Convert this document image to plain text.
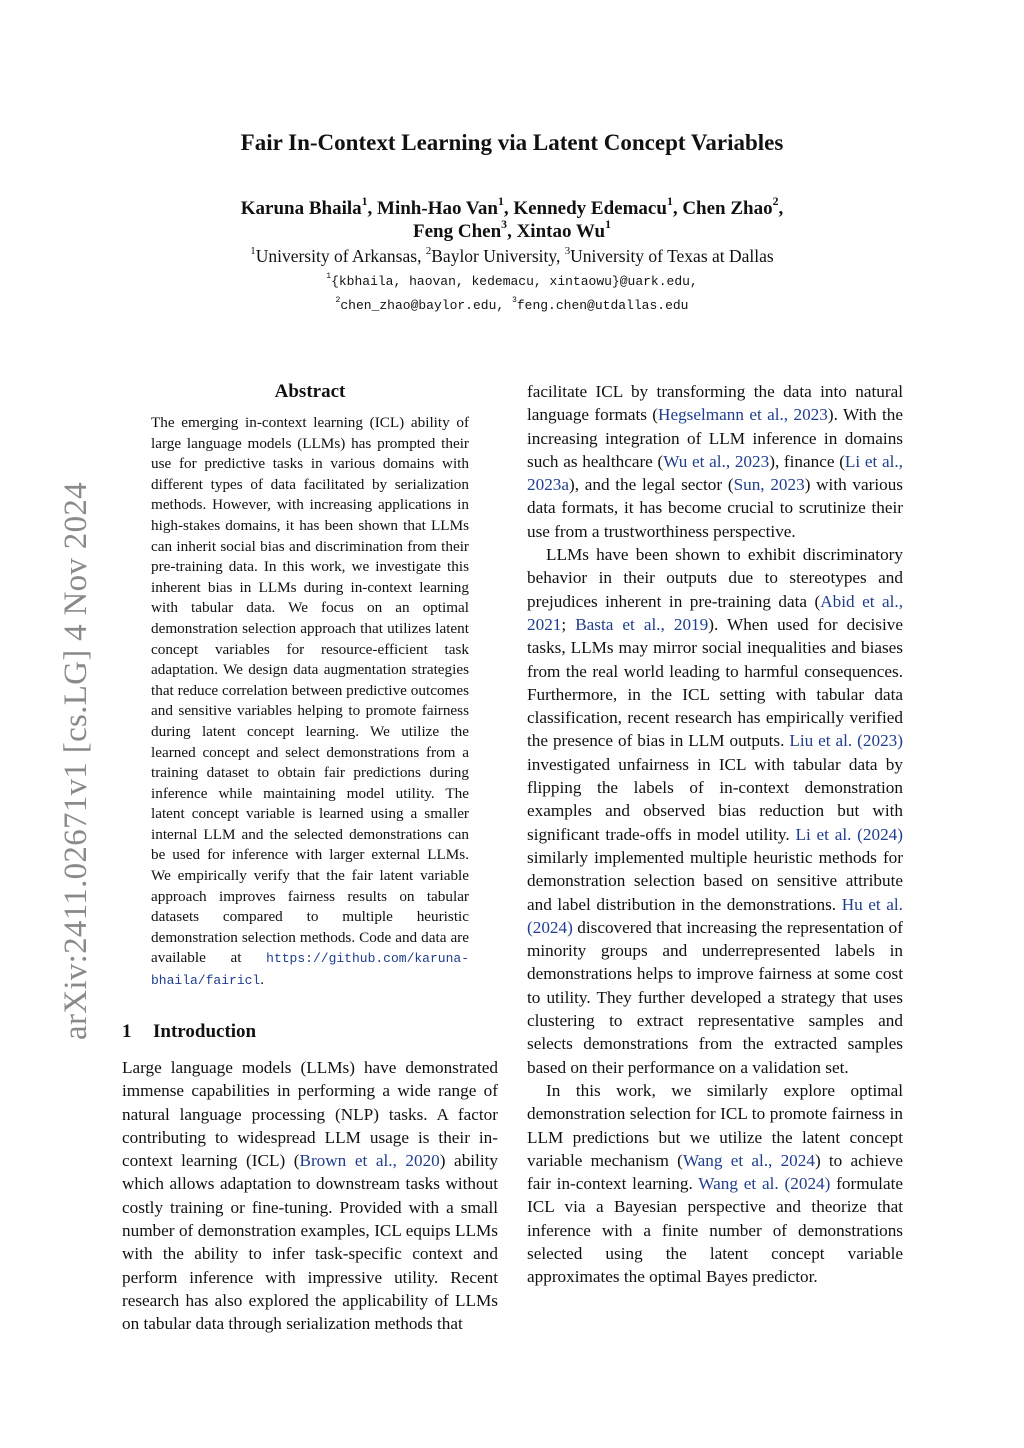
arXiv:2411.02671v1 [cs.LG] 4 Nov 2024
Fair In-Context Learning via Latent Concept Variables
Karuna Bhaila$^1$, Minh-Hao Van$^1$, Kennedy Edemacu$^1$, Chen Zhao$^2$,
Feng Chen$^3$, Xintao Wu$^1$
$^1$University of Arkansas, $^2$Baylor University, $^3$University of Texas at Dallas
$^1${kbhaila, haovan, kedemacu, xintaowu}@uark.edu,
$^2$chen_zhao@baylor.edu, $^3$feng.chen@utdallas.edu
Abstract
The emerging in-context learning (ICL) ability of large language models (LLMs) has prompted their use for predictive tasks in various domains with different types of data facilitated by serialization methods. However, with increasing applications in high-stakes domains, it has been shown that LLMs can inherit social bias and discrimination from their pre-training data. In this work, we investigate this inherent bias in LLMs during in-context learning with tabular data. We focus on an optimal demonstration selection approach that utilizes latent concept variables for resource-efficient task adaptation. We design data augmentation strategies that reduce correlation between predictive outcomes and sensitive variables helping to promote fairness during latent concept learning. We utilize the learned concept and select demonstrations from a training dataset to obtain fair predictions during inference while maintaining model utility. The latent concept variable is learned using a smaller internal LLM and the selected demonstrations can be used for inference with larger external LLMs. We empirically verify that the fair latent variable approach improves fairness results on tabular datasets compared to multiple heuristic demonstration selection methods. Code and data are available at https://github.com/karuna-bhaila/fairicl.
1 Introduction

Large language models (LLMs) have demonstrated immense capabilities in performing a wide range of natural language processing (NLP) tasks. A factor contributing to widespread LLM usage is their in-context learning (ICL) (Brown et al., 2020) ability which allows adaptation to downstream tasks without costly training or fine-tuning. Provided with a small number of demonstration examples, ICL equips LLMs with the ability to infer task-specific context and perform inference with impressive utility. Recent research has also explored the applicability of LLMs on tabular data through serialization methods that

facilitate ICL by transforming the data into natural language formats (Hegselmann et al., 2023). With the increasing integration of LLM inference in domains such as healthcare (Wu et al., 2023), finance (Li et al., 2023a), and the legal sector (Sun, 2023) with various data formats, it has become crucial to scrutinize their use from a trustworthiness perspective.

LLMs have been shown to exhibit discriminatory behavior in their outputs due to stereotypes and prejudices inherent in pre-training data (Abid et al., 2021; Basta et al., 2019). When used for decisive tasks, LLMs may mirror social inequalities and biases from the real world leading to harmful consequences. Furthermore, in the ICL setting with tabular data classification, recent research has empirically verified the presence of bias in LLM outputs. Liu et al. (2023) investigated unfairness in ICL with tabular data by flipping the labels of in-context demonstration examples and observed bias reduction but with significant trade-offs in model utility. Li et al. (2024) similarly implemented multiple heuristic methods for demonstration selection based on sensitive attribute and label distribution in the demonstrations. Hu et al. (2024) discovered that increasing the representation of minority groups and underrepresented labels in demonstrations helps to improve fairness at some cost to utility. They further developed a strategy that uses clustering to extract representative samples and selects demonstrations from the extracted samples based on their performance on a validation set.

In this work, we similarly explore optimal demonstration selection for ICL to promote fairness in LLM predictions but we utilize the latent concept variable mechanism (Wang et al., 2024) to achieve fair in-context learning. Wang et al. (2024) formulate ICL via a Bayesian perspective and theorize that inference with a finite number of demonstrations selected using the latent concept variable approximates the optimal Bayes predictor.
